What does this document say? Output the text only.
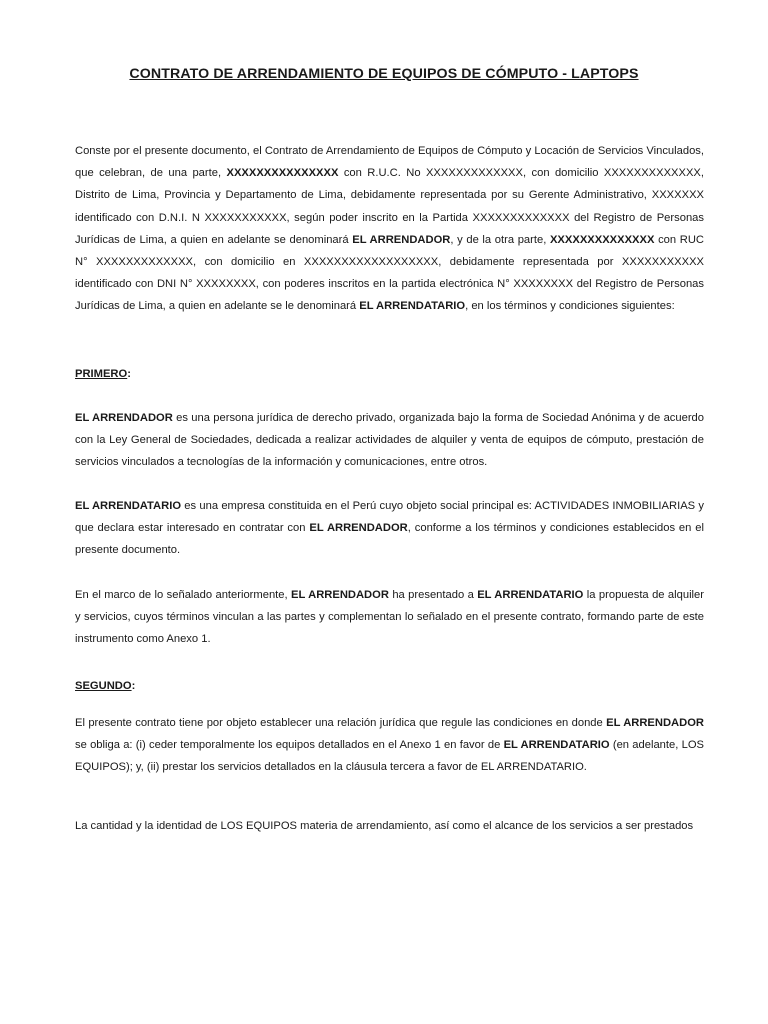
CONTRATO DE ARRENDAMIENTO DE EQUIPOS DE CÓMPUTO - LAPTOPS

Conste por el presente documento, el Contrato de Arrendamiento de Equipos de Cómputo y Locación de Servicios Vinculados, que celebran, de una parte, XXXXXXXXXXXXXXX con R.U.C. No XXXXXXXXXXXXX, con domicilio XXXXXXXXXXXXX, Distrito de Lima, Provincia y Departamento de Lima, debidamente representada por su Gerente Administrativo, XXXXXXX identificado con D.N.I. N XXXXXXXXXXX, según poder inscrito en la Partida XXXXXXXXXXXXX del Registro de Personas Jurídicas de Lima, a quien en adelante se denominará EL ARRENDADOR, y de la otra parte, XXXXXXXXXXXXXX con RUC N° XXXXXXXXXXXXX, con domicilio en XXXXXXXXXXXXXXXXXX, debidamente representada por XXXXXXXXXXX identificado con DNI N° XXXXXXXX, con poderes inscritos en la partida electrónica N° XXXXXXXX del Registro de Personas Jurídicas de Lima, a quien en adelante se le denominará EL ARRENDATARIO, en los términos y condiciones siguientes:

PRIMERO:

EL ARRENDADOR es una persona jurídica de derecho privado, organizada bajo la forma de Sociedad Anónima y de acuerdo con la Ley General de Sociedades, dedicada a realizar actividades de alquiler y venta de equipos de cómputo, prestación de servicios vinculados a tecnologías de la información y comunicaciones, entre otros.

EL ARRENDATARIO es una empresa constituida en el Perú cuyo objeto social principal es: ACTIVIDADES INMOBILIARIAS y que declara estar interesado en contratar con EL ARRENDADOR, conforme a los términos y condiciones establecidos en el presente documento.

En el marco de lo señalado anteriormente, EL ARRENDADOR ha presentado a EL ARRENDATARIO la propuesta de alquiler y servicios, cuyos términos vinculan a las partes y complementan lo señalado en el presente contrato, formando parte de este instrumento como Anexo 1.

SEGUNDO:

El presente contrato tiene por objeto establecer una relación jurídica que regule las condiciones en donde EL ARRENDADOR se obliga a: (i) ceder temporalmente los equipos detallados en el Anexo 1 en favor de EL ARRENDATARIO (en adelante, LOS EQUIPOS); y, (ii) prestar los servicios detallados en la cláusula tercera a favor de EL ARRENDATARIO.

La cantidad y la identidad de LOS EQUIPOS materia de arrendamiento, así como el alcance de los servicios a ser prestados
